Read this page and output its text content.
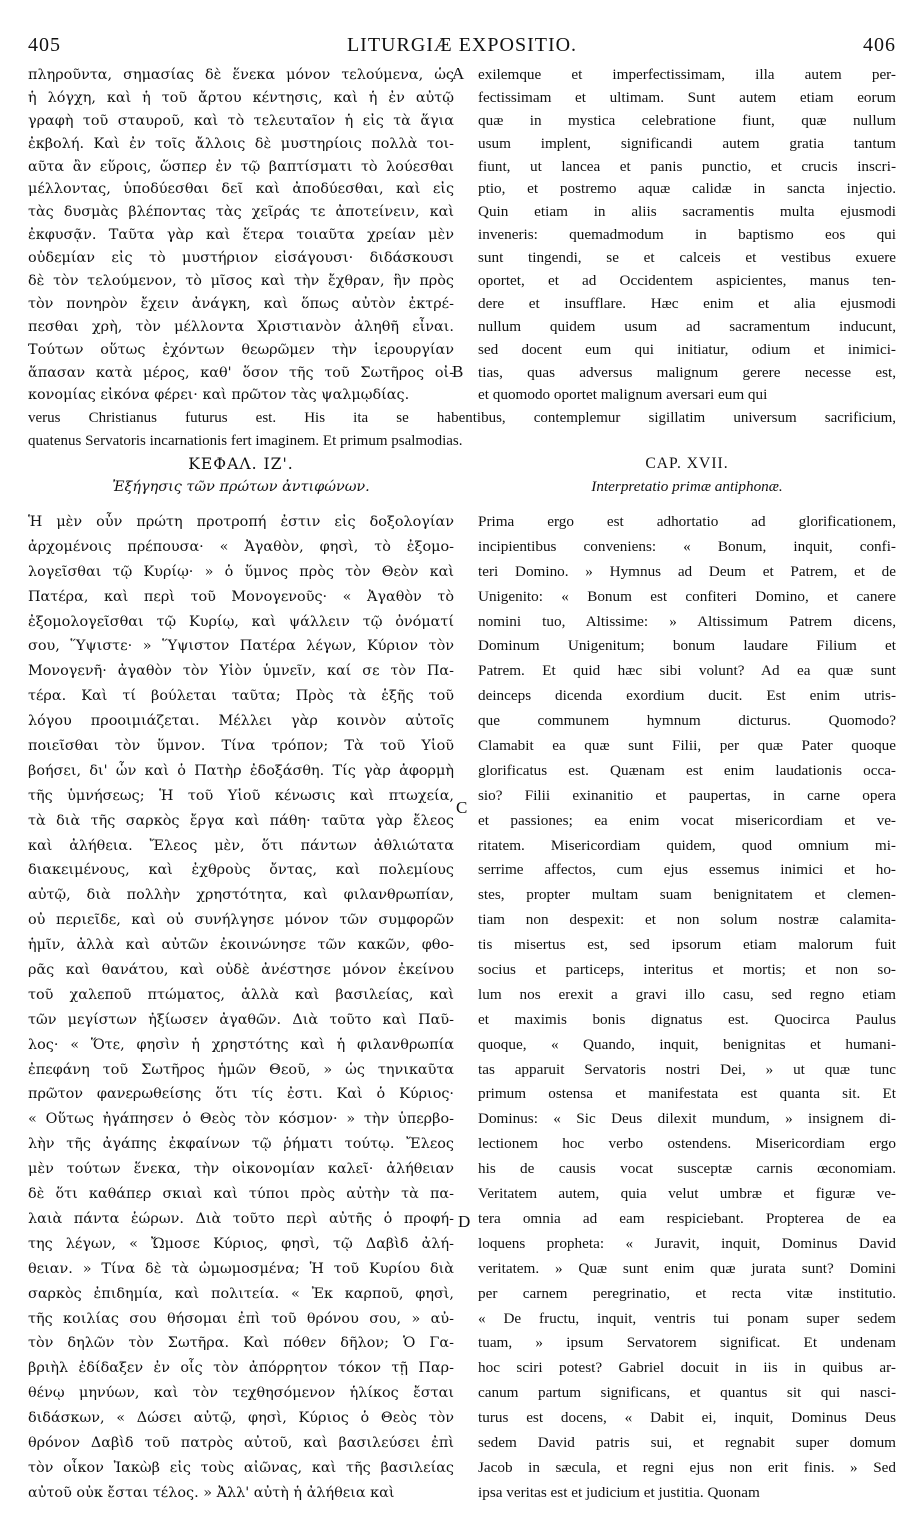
LITURGIÆ EXPOSITIO.
405	406
A
B
C
D
πληροῦντα, σημασίας δὲ ἕνεκα μόνον τελούμενα, ὡς
ἡ λόγχη, καὶ ἡ τοῦ ἄρτου κέντησις, καὶ ἡ ἐν αὐτῷ
γραφὴ τοῦ σταυροῦ, καὶ τὸ τελευταῖον ἡ εἰς τὰ ἅγια
ἐκβολή. Καὶ ἐν τοῖς ἄλλοις δὲ μυστηρίοις πολλὰ τοι-
αῦτα ἂν εὕροις, ὥσπερ ἐν τῷ βαπτίσματι τὸ λούεσθαι
μέλλοντας, ὑποδύεσθαι δεῖ καὶ ἀποδύεσθαι, καὶ εἰς
τὰς δυσμὰς βλέποντας τὰς χεῖράς τε ἀποτείνειν, καὶ
ἐκφυσᾷν. Ταῦτα γὰρ καὶ ἕτερα τοιαῦτα χρείαν μὲν
οὐδεμίαν εἰς τὸ μυστήριον εἰσάγουσι· διδάσκουσι
δὲ τὸν τελούμενον, τὸ μῖσος καὶ τὴν ἔχθραν, ἣν πρὸς
τὸν πονηρὸν ἔχειν ἀνάγκη, καὶ ὅπως αὐτὸν ἐκτρέ-
πεσθαι χρὴ, τὸν μέλλοντα Χριστιανὸν ἀληθῆ εἶναι.
Τούτων οὕτως ἐχόντων θεωρῶμεν τὴν ἱερουργίαν
ἅπασαν κατὰ μέρος, καθ' ὅσον τῆς τοῦ Σωτῆρος οἰ-
κονομίας εἰκόνα φέρει· καὶ πρῶτον τὰς ψαλμῳδίας.
exilemque et imperfectissimam, illa autem per-
fectissimam et ultimam. Sunt autem etiam eorum
quæ in mystica celebratione fiunt, quæ nullum
usum implent, significandi autem gratia tantum
fiunt, ut lancea et panis punctio, et crucis inscri-
ptio, et postremo aquæ calidæ in sancta injectio.
Quin etiam in aliis sacramentis multa ejusmodi
inveneris: quemadmodum in baptismo eos qui
sunt tingendi, se et calceis et vestibus exuere
oportet, et ad Occidentem aspicientes, manus ten-
dere et insufflare. Hæc enim et alia ejusmodi
nullum quidem usum ad sacramentum inducunt,
sed docent eum qui initiatur, odium et inimici-
tias, quas adversus malignum gerere necesse est,
et quomodo oportet malignum aversari eum qui
verus Christianus futurus est. His ita se habentibus, contemplemur sigillatim universum sacrificium,
quatenus Servatoris incarnationis fert imaginem. Et primum psalmodias.
ΚΕΦΑΛ. ΙΖ'.
Ἐξήγησις τῶν πρώτων ἀντιφώνων.
CAP. XVII.
Interpretatio primæ antiphonæ.
Ἡ μὲν οὖν πρώτη προτροπή ἐστιν εἰς δοξολογίαν
ἀρχομένοις πρέπουσα· « Ἀγαθὸν, φησὶ, τὸ ἐξομο-
λογεῖσθαι τῷ Κυρίῳ· » ὁ ὕμνος πρὸς τὸν Θεὸν καὶ
Πατέρα, καὶ περὶ τοῦ Μονογενοῦς· « Ἀγαθὸν τὸ
ἐξομολογεῖσθαι τῷ Κυρίῳ, καὶ ψάλλειν τῷ ὀνόματί
σου, Ὕψιστε· » Ὕψιστον Πατέρα λέγων, Κύριον τὸν
Μονογενῆ· ἀγαθὸν τὸν Υἱὸν ὑμνεῖν, καί σε τὸν Πα-
τέρα. Καὶ τί βούλεται ταῦτα; Πρὸς τὰ ἑξῆς τοῦ
λόγου προοιμιάζεται. Μέλλει γὰρ κοινὸν αὐτοῖς
ποιεῖσθαι τὸν ὕμνον. Τίνα τρόπον; Τὰ τοῦ Υἱοῦ
βοήσει, δι' ὧν καὶ ὁ Πατὴρ ἐδοξάσθη. Τίς γὰρ ἀφορμὴ
τῆς ὑμνήσεως; Ἡ τοῦ Υἱοῦ κένωσις καὶ πτωχεία,
τὰ διὰ τῆς σαρκὸς ἔργα καὶ πάθη· ταῦτα γὰρ ἔλεος
καὶ ἀλήθεια. Ἔλεος μὲν, ὅτι πάντων ἀθλιώτατα
διακειμένους, καὶ ἐχθροὺς ὄντας, καὶ πολεμίους
αὐτῷ, διὰ πολλὴν χρηστότητα, καὶ φιλανθρωπίαν,
οὐ περιεῖδε, καὶ οὐ συνήλγησε μόνον τῶν συμφορῶν
ἡμῖν, ἀλλὰ καὶ αὐτῶν ἐκοινώνησε τῶν κακῶν, φθο-
ρᾶς καὶ θανάτου, καὶ οὐδὲ ἀνέστησε μόνον ἐκείνου
τοῦ χαλεποῦ πτώματος, ἀλλὰ καὶ βασιλείας, καὶ
τῶν μεγίστων ἠξίωσεν ἀγαθῶν. Διὰ τοῦτο καὶ Παῦ-
λος· « Ὅτε, φησὶν ἡ χρηστότης καὶ ἡ φιλανθρωπία
ἐπεφάνη τοῦ Σωτῆρος ἡμῶν Θεοῦ, » ὡς τηνικαῦτα
πρῶτον φανερωθείσης ὅτι τίς ἐστι. Καὶ ὁ Κύριος·
« Οὕτως ἠγάπησεν ὁ Θεὸς τὸν κόσμον· » τὴν ὑπερβο-
λὴν τῆς ἀγάπης ἐκφαίνων τῷ ῥήματι τούτῳ. Ἔλεος
μὲν τούτων ἕνεκα, τὴν οἰκονομίαν καλεῖ· ἀλήθειαν
δὲ ὅτι καθάπερ σκιαὶ καὶ τύποι πρὸς αὐτὴν τὰ πα-
λαιὰ πάντα ἑώρων. Διὰ τοῦτο περὶ αὐτῆς ὁ προφή-
της λέγων, « Ὤμοσε Κύριος, φησὶ, τῷ Δαβὶδ ἀλή-
θειαν. » Τίνα δὲ τὰ ὠμωμοσμένα; Ἡ τοῦ Κυρίου διὰ
σαρκὸς ἐπιδημία, καὶ πολιτεία. « Ἐκ καρποῦ, φησὶ,
τῆς κοιλίας σου θήσομαι ἐπὶ τοῦ θρόνου σου, » αὐ-
τὸν δηλῶν τὸν Σωτῆρα. Καὶ πόθεν δῆλον; Ὁ Γα-
βριὴλ ἐδίδαξεν ἐν οἷς τὸν ἀπόρρητον τόκον τῇ Παρ-
θένῳ μηνύων, καὶ τὸν τεχθησόμενον ἡλίκος ἔσται
διδάσκων, « Δώσει αὐτῷ, φησὶ, Κύριος ὁ Θεὸς τὸν
θρόνον Δαβὶδ τοῦ πατρὸς αὐτοῦ, καὶ βασιλεύσει ἐπὶ
τὸν οἶκον Ἰακὼβ εἰς τοὺς αἰῶνας, καὶ τῆς βασιλείας
αὐτοῦ οὐκ ἔσται τέλος. » Ἀλλ' αὐτὴ ἡ ἀλήθεια καὶ
Prima ergo est adhortatio ad glorificationem,
incipientibus conveniens: « Bonum, inquit, confi-
teri Domino. » Hymnus ad Deum et Patrem, et de
Unigenito: « Bonum est confiteri Domino, et canere
nomini tuo, Altissime: » Altissimum Patrem dicens,
Dominum Unigenitum; bonum laudare Filium et
Patrem. Et quid hæc sibi volunt? Ad ea quæ sunt
deinceps dicenda exordium ducit. Est enim utris-
que communem hymnum dicturus. Quomodo?
Clamabit ea quæ sunt Filii, per quæ Pater quoque
glorificatus est. Quænam est enim laudationis occa-
sio? Filii exinanitio et paupertas, in carne opera
et passiones; ea enim vocat misericordiam et ve-
ritatem. Misericordiam quidem, quod omnium mi-
serrime affectos, cum ejus essemus inimici et ho-
stes, propter multam suam benignitatem et clemen-
tiam non despexit: et non solum nostræ calamita-
tis misertus est, sed ipsorum etiam malorum fuit
socius et particeps, interitus et mortis; et non so-
lum nos erexit a gravi illo casu, sed regno etiam
et maximis bonis dignatus est. Quocirca Paulus
quoque, « Quando, inquit, benignitas et humani-
tas apparuit Servatoris nostri Dei, » ut quæ tunc
primum ostensa et manifestata est quanta sit. Et
Dominus: « Sic Deus dilexit mundum, » insignem di-
lectionem hoc verbo ostendens. Misericordiam ergo
his de causis vocat susceptæ carnis œconomiam.
Veritatem autem, quia velut umbræ et figuræ ve-
tera omnia ad eam respiciebant. Propterea de ea
loquens propheta: « Juravit, inquit, Dominus David
veritatem. » Quæ sunt enim quæ jurata sunt? Domini
per carnem peregrinatio, et recta vitæ institutio.
« De fructu, inquit, ventris tui ponam super sedem
tuam, » ipsum Servatorem significat. Et undenam
hoc sciri potest? Gabriel docuit in iis in quibus ar-
canum partum significans, et quantus sit qui nasci-
turus est docens, « Dabit ei, inquit, Dominus Deus
sedem David patris sui, et regnabit super domum
Jacob in sæcula, et regni ejus non erit finis. » Sed
ipsa veritas est et judicium et justitia. Quonam
